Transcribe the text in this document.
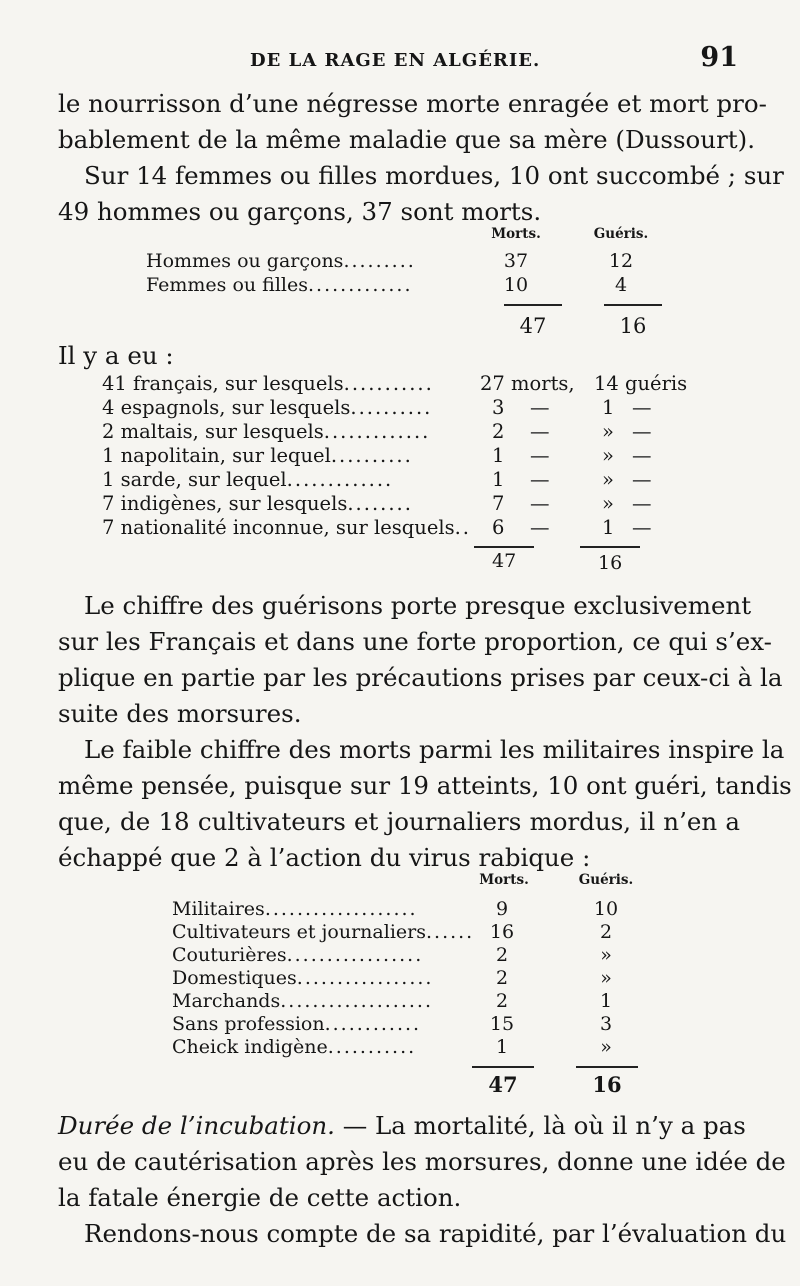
DE LA RAGE EN ALGÉRIE.	91
le nourrisson d’une négresse morte enragée et mort pro-
bablement de la même maladie que sa mère (Dussourt).
Sur 14 femmes ou filles mordues, 10 ont succombé ; sur
49 hommes ou garçons, 37 sont morts.
Morts.	Guéris.
Hommes ou garçons.........	37	12
Femmes ou filles.............	10	4
47	16
Il y a eu :
41 français, sur lesquels........... 27 morts, 14 guéris
4 espagnols, sur lesquels..........	3 —	1 —
2 maltais, sur lesquels.............	2 —	» —
1 napolitain, sur lequel..........	1 —	» —
1 sarde, sur lequel.............	1 —	» —
7 indigènes, sur lesquels........	7 —	» —
7 nationalité inconnue, sur lesquels.. 6 —	1 —
47	16
Le chiffre des guérisons porte presque exclusivement
sur les Français et dans une forte proportion, ce qui s’ex-
plique en partie par les précautions prises par ceux-ci à la
suite des morsures.
Le faible chiffre des morts parmi les militaires inspire la
même pensée, puisque sur 19 atteints, 10 ont guéri, tandis
que, de 18 cultivateurs et journaliers mordus, il n’en a
échappé que 2 à l’action du virus rabique :
Morts.	Guéris.
Militaires...................	9	10
Cultivateurs et journaliers...... 16	2
Couturières.................	2	»
Domestiques.................	2	»
Marchands...................	2	1
Sans profession............	15	3
Cheick indigène...........	1	»
47	16
Durée de l’incubation. — La mortalité, là où il n’y a pas
eu de cautérisation après les morsures, donne une idée de
la fatale énergie de cette action.
Rendons-nous compte de sa rapidité, par l’évaluation du
